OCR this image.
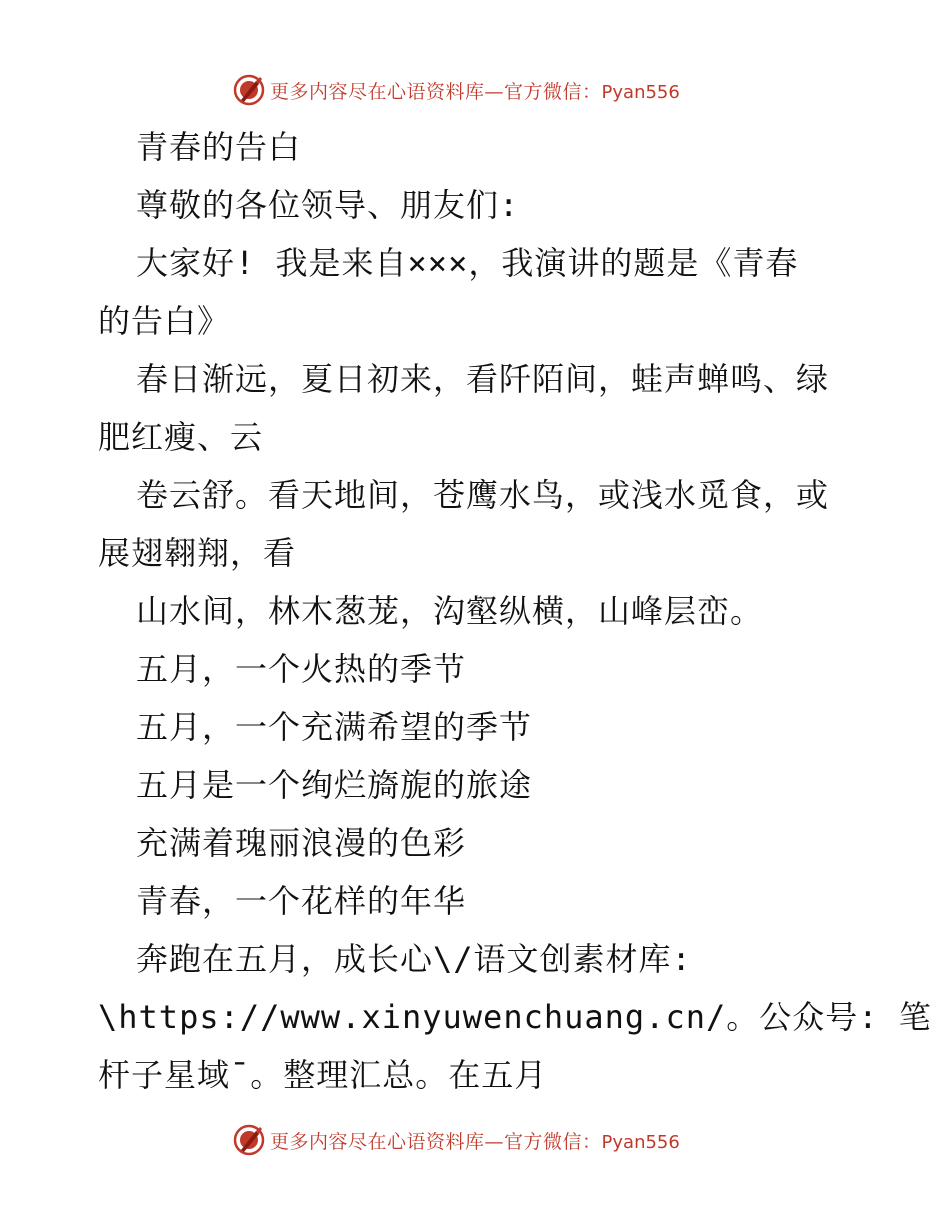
更多内容尽在心语资料库—官方微信：Pyan556
青春的告白
尊敬的各位领导、朋友们:
大家好! 我是来自×××，我演讲的题是《青春
的告白》
春日渐远，夏日初来，看阡陌间，蛙声蝉鸣、绿
肥红瘦、云
卷云舒。看天地间，苍鹰水鸟，或浅水觅食，或
展翅翱翔，看
山水间，林木葱茏，沟壑纵横，山峰层峦。
五月，一个火热的季节
五月，一个充满希望的季节
五月是一个绚烂旖旎的旅途
充满着瑰丽浪漫的色彩
青春，一个花样的年华
奔跑在五月，成长心\/语文创素材库:
\https://www.xinyuwenchuang.cn/。公众号: 笔
杆子星域¯。整理汇总。在五月
更多内容尽在心语资料库—官方微信：Pyan556
